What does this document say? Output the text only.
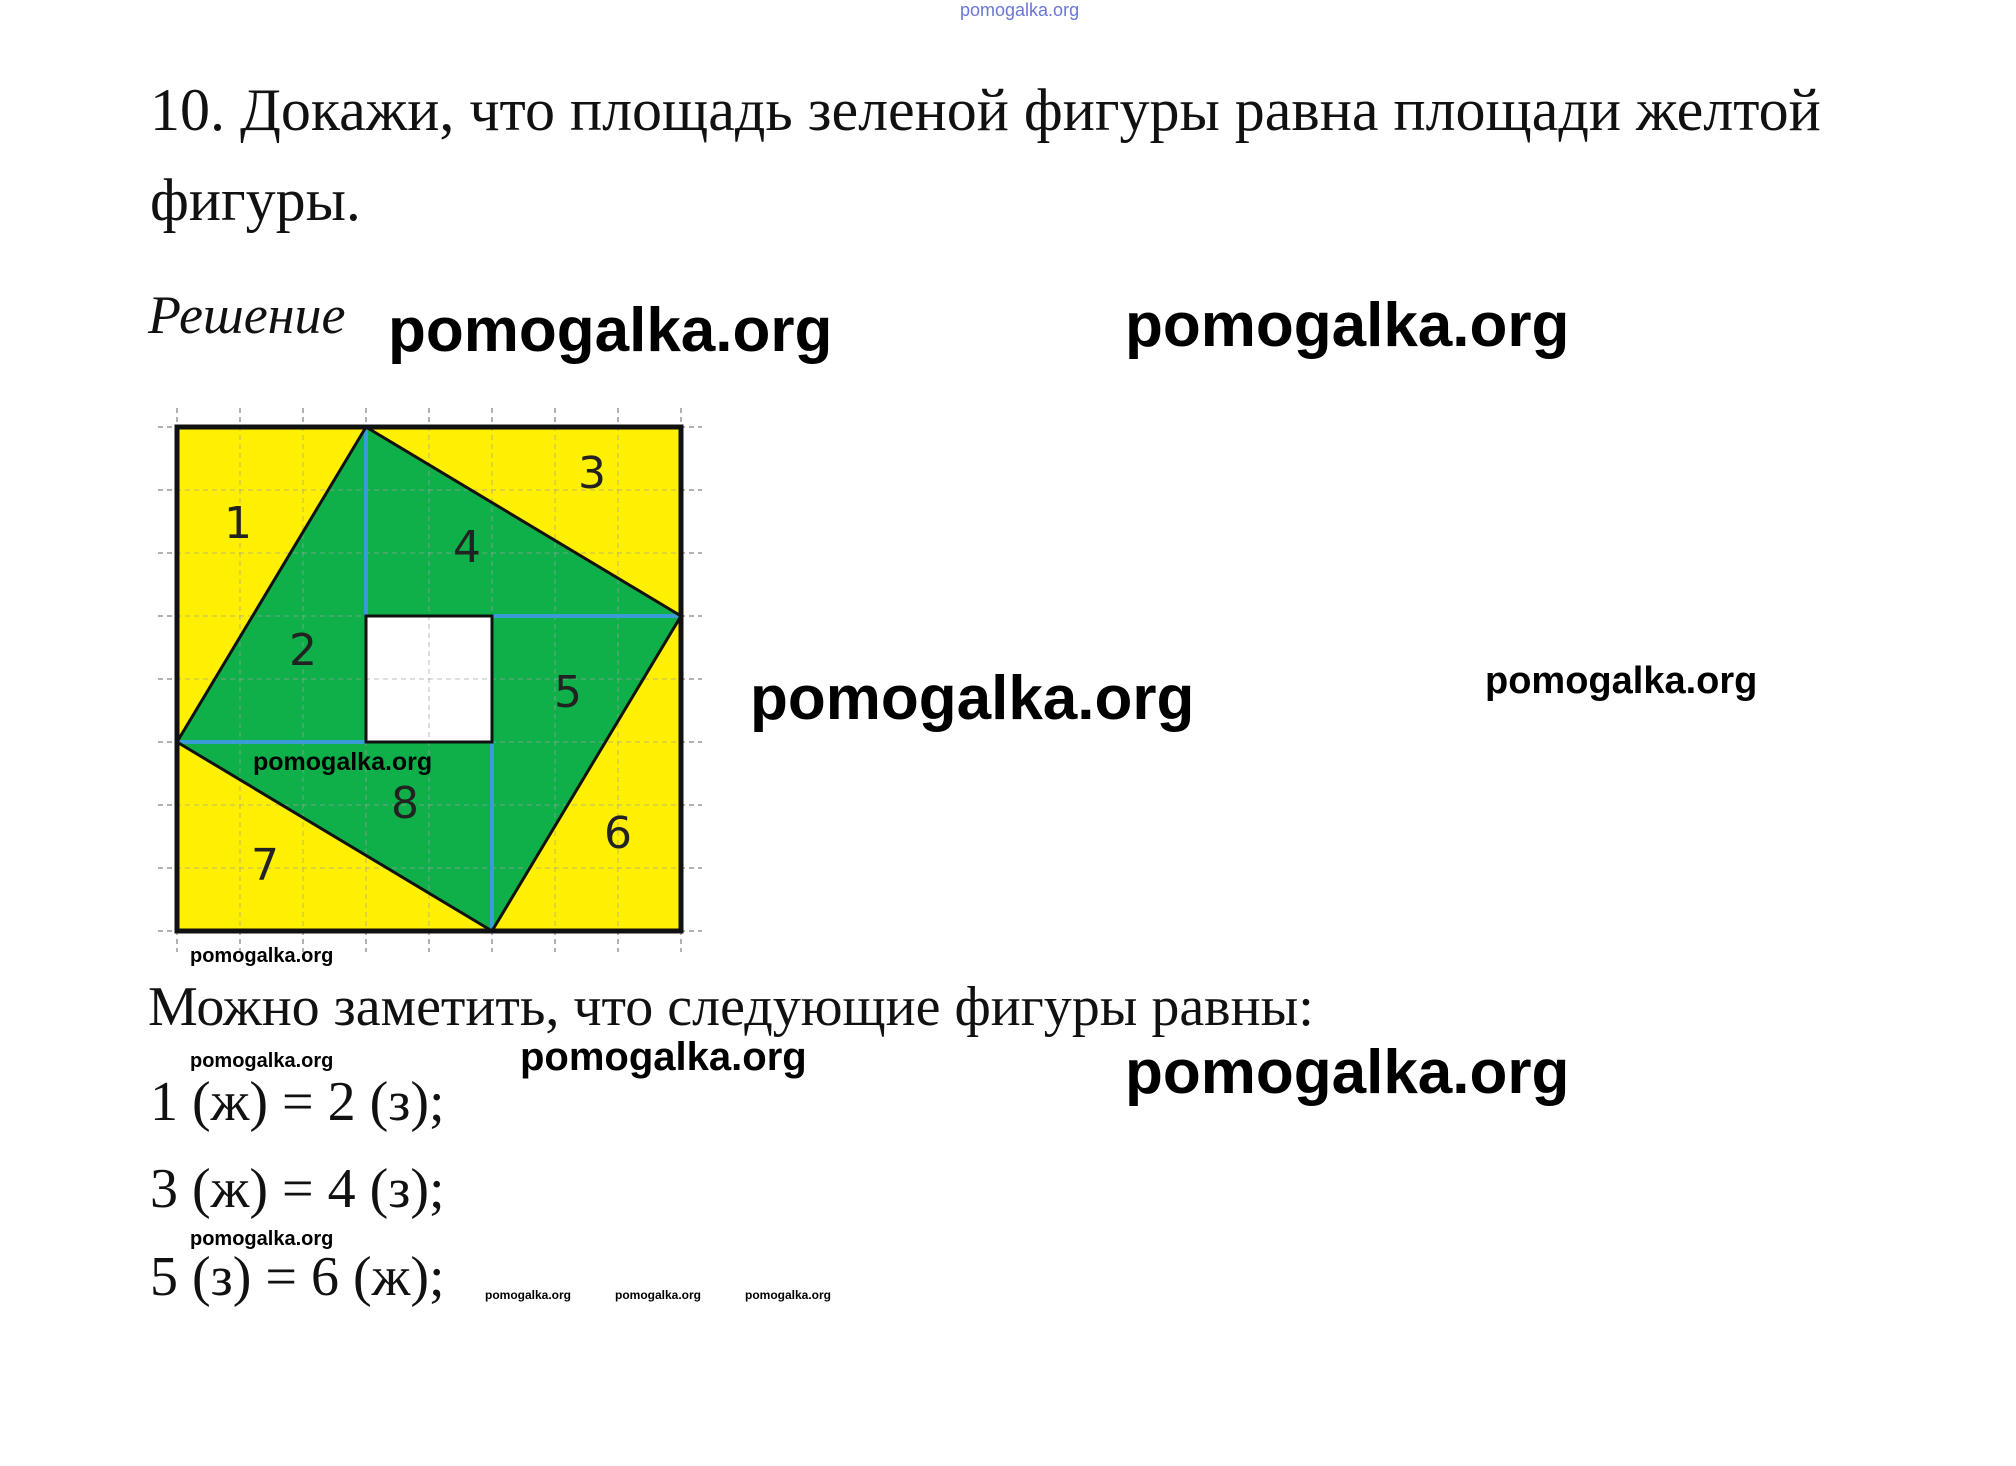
pomogalka.org
10. Докажи, что площадь зеленой фигуры равна площади желтой
фигуры.
Решение pomogalka.org	pomogalka.org
1
2
3
4
5
6
7
8
pomogalka.org
pomogalka.org	pomogalka.org
pomogalka.org
Можно заметить, что следующие фигуры равны:
pomogalka.org	pomogalka.org	pomogalka.org
1 (ж) = 2 (з);
3 (ж) = 4 (з);
pomogalka.org
5 (з) = 6 (ж);	pomogalka.org	pomogalka.org	pomogalka.org
